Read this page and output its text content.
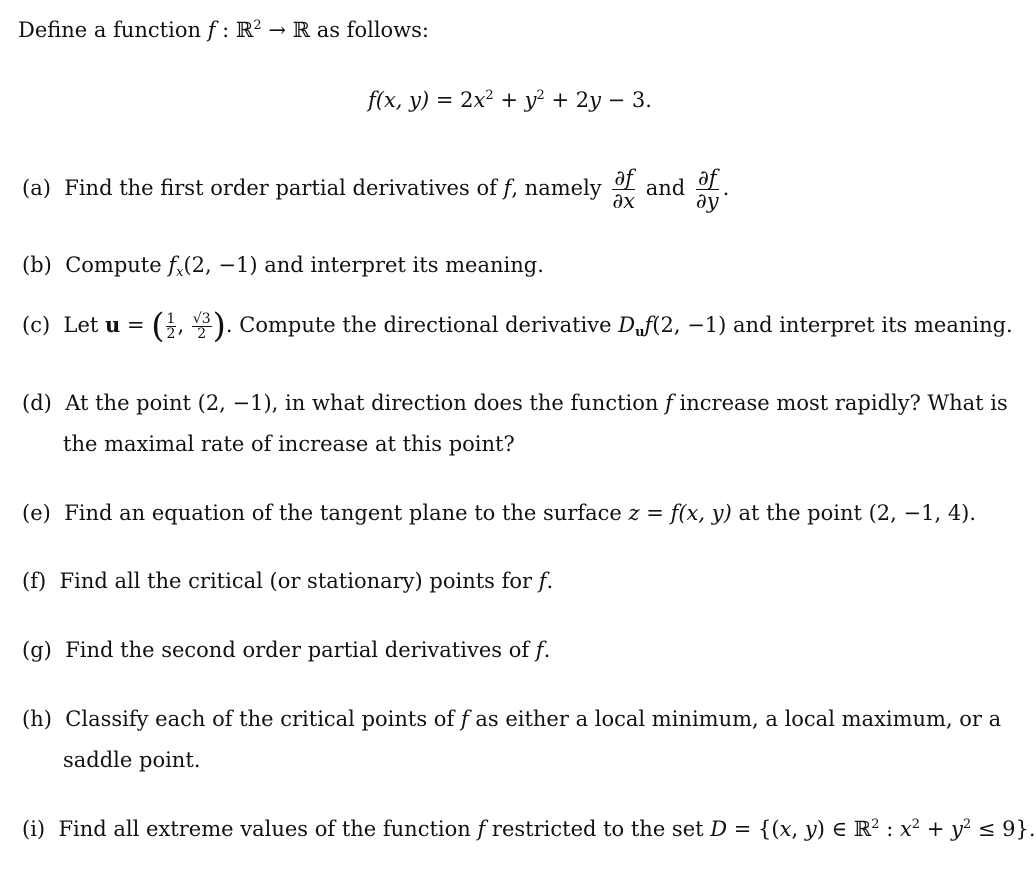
Define a function f : ℝ$^2$ → ℝ as follows:
f(x, $y) = 2x^2 + y^2 + 2y - 3$.
(a) Find the first order partial derivatives of f, namely $\frac{\partial f}{\partial x}$ and $\frac{\partial f}{\partial y}$ .
(b) Compute $f_x(2$, −1) and interpret its meaning.
(c) Let u = ( $\frac{1}{2}$ , $\frac{√3}{2}$ ). Compute the directional derivative $D_uf(2$, −1) and interpret its meaning.
(d) At the point (2, −1), in what direction does the function f increase most rapidly? What is
the maximal rate of increase at this point?
(e) Find an equation of the tangent plane to the surface z = f(x, y) at the point (2, −1, 4).
(f) Find all the critical (or stationary) points for f.
(g) Find the second order partial derivatives of f.
(h) Classify each of the critical points of f as either a local minimum, a local maximum, or a
saddle point.
(i) Find all extreme values of the function f restricted to the set D = {(x, y) ∈ ℝ$^2$ : $x^2 + y^2 \le 9$}.
